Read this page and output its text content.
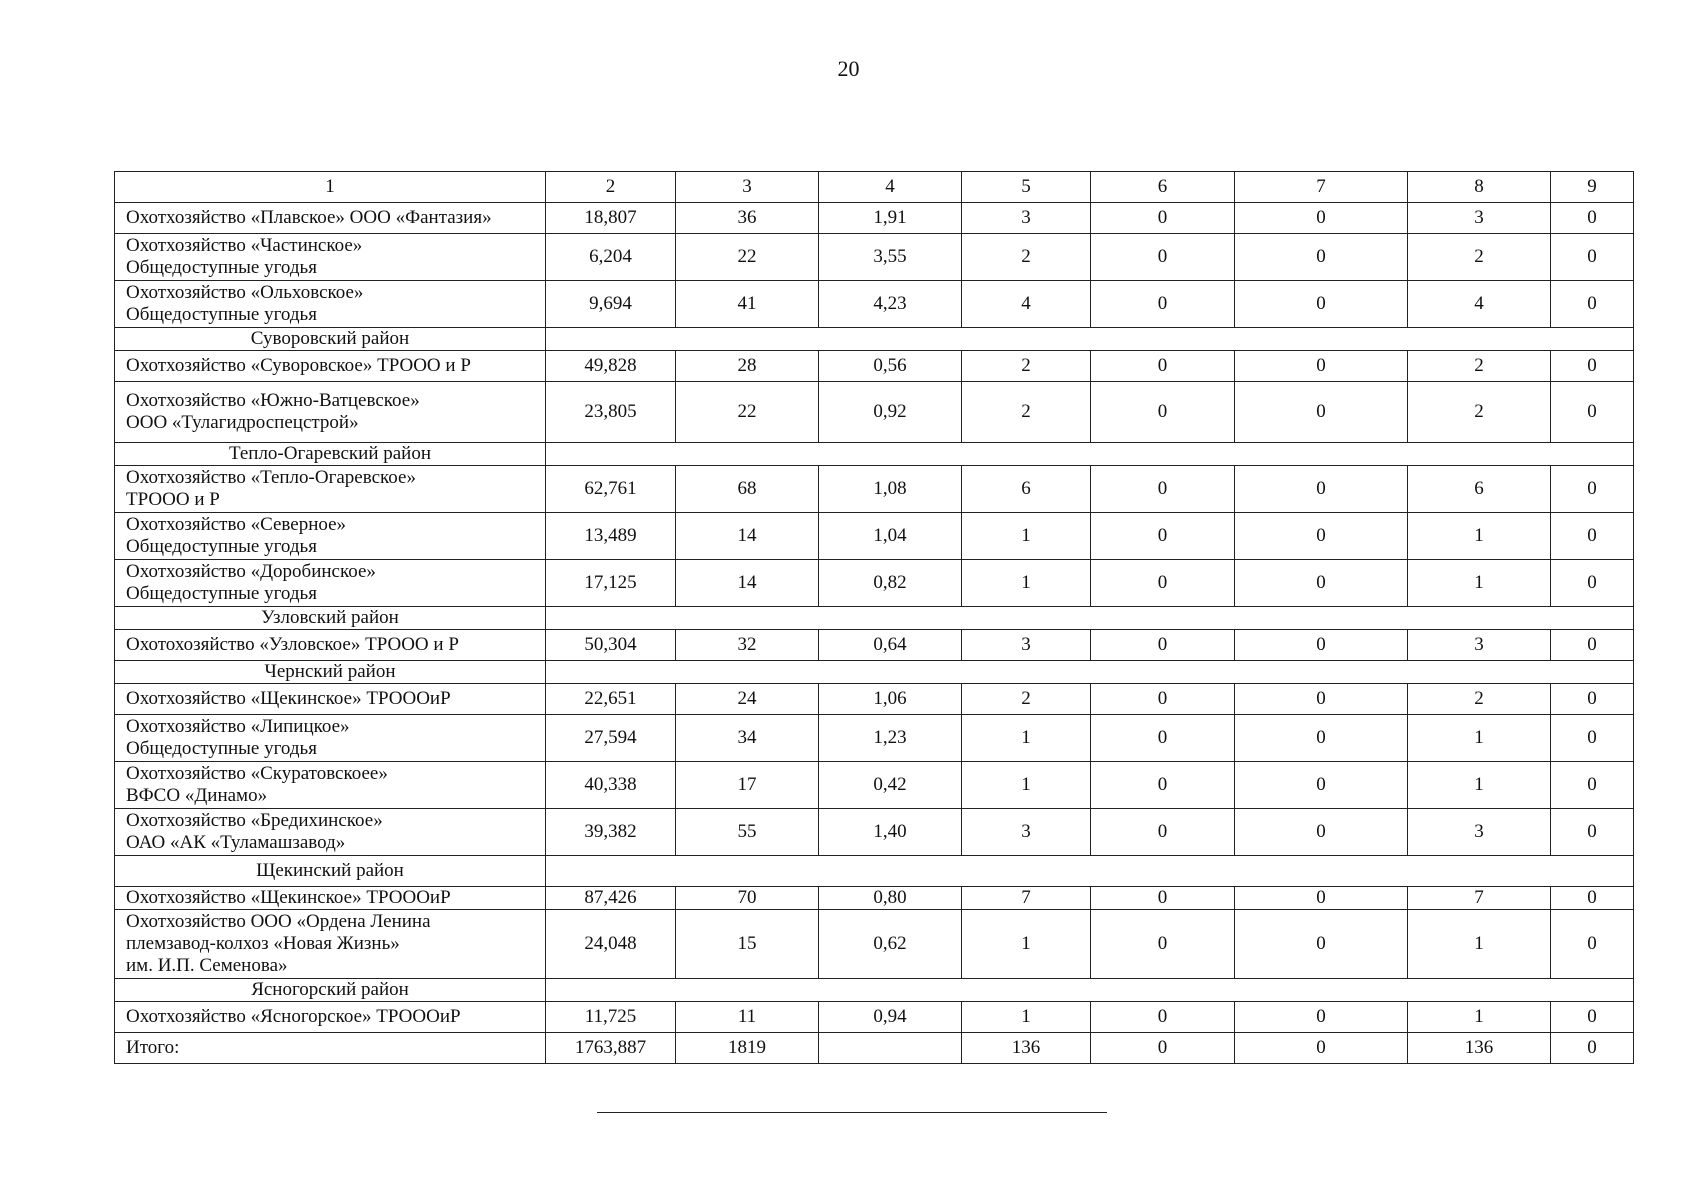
20
1	2	3	4	5	6	7	8	9

Охотхозяйство «Плавское» ООО «Фантазия»	18,807	36	1,91	3	0	0	3	0

Охотхозяйство «Частинское»
Общедоступные угодья	6,204	22	3,55	2	0	0	2	0

Охотхозяйство «Ольховское»
Общедоступные угодья	9,694	41	4,23	4	0	0	4	0
Суворовский район								

Охотхозяйство «Суворовское» ТРООО и Р	49,828	28	0,56	2	0	0	2	0

Охотхозяйство «Южно-Ватцевское»
ООО «Тулагидроспецстрой»	23,805	22	0,92	2	0	0	2	0
Тепло-Огаревский район								

Охотхозяйство «Тепло-Огаревское»
ТРООО и Р	62,761	68	1,08	6	0	0	6	0

Охотхозяйство «Северное»
Общедоступные угодья	13,489	14	1,04	1	0	0	1	0

Охотхозяйство «Доробинское»
Общедоступные угодья	17,125	14	0,82	1	0	0	1	0
Узловский район								

Охотохозяйство «Узловское» ТРООО и Р	50,304	32	0,64	3	0	0	3	0
Чернский район								

Охотхозяйство «Щекинское» ТРОООиР	22,651	24	1,06	2	0	0	2	0

Охотхозяйство «Липицкое»
Общедоступные угодья	27,594	34	1,23	1	0	0	1	0

Охотхозяйство «Скуратовскоее»
ВФСО «Динамо»	40,338	17	0,42	1	0	0	1	0

Охотхозяйство «Бредихинское»
ОАО «АК «Туламашзавод»	39,382	55	1,40	3	0	0	3	0
Щекинский район								

Охотхозяйство «Щекинское» ТРОООиР	87,426	70	0,80	7	0	0	7	0

Охотхозяйство ООО «Ордена Ленина
племзавод-колхоз «Новая Жизнь»
им. И.П. Семенова»	24,048	15	0,62	1	0	0	1	0
Ясногорский район								

Охотхозяйство «Ясногорское» ТРОООиР	11,725	11	0,94	1	0	0	1	0

Итого:	1763,887	1819		136	0	0	136	0
